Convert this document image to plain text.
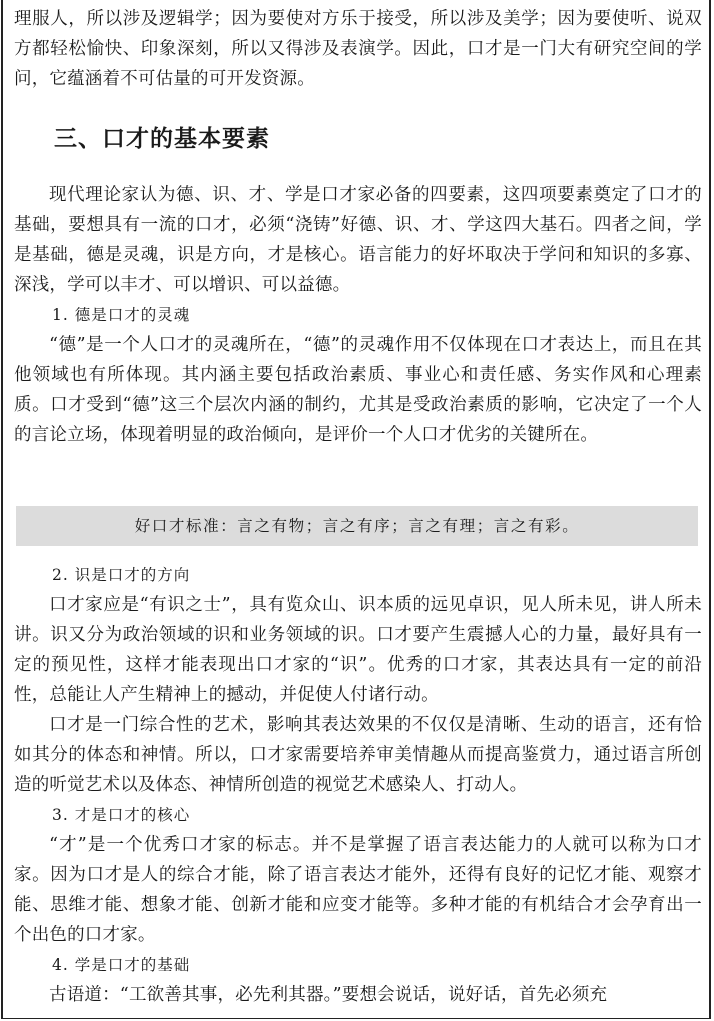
理服人，所以涉及逻辑学；因为要使对方乐于接受，所以涉及美学；因为要使听、说双方都轻松愉快、印象深刻，所以又得涉及表演学。因此，口才是一门大有研究空间的学问，它蕴涵着不可估量的可开发资源。

三、口才的基本要素

现代理论家认为德、识、才、学是口才家必备的四要素，这四项要素奠定了口才的基础，要想具有一流的口才，必须“浇铸”好德、识、才、学这四大基石。四者之间，学是基础，德是灵魂，识是方向，才是核心。语言能力的好坏取决于学问和知识的多寡、深浅，学可以丰才、可以增识、可以益德。

1. 德是口才的灵魂

“德”是一个人口才的灵魂所在，“德”的灵魂作用不仅体现在口才表达上，而且在其他领域也有所体现。其内涵主要包括政治素质、事业心和责任感、务实作风和心理素质。口才受到“德”这三个层次内涵的制约，尤其是受政治素质的影响，它决定了一个人的言论立场，体现着明显的政治倾向，是评价一个人口才优劣的关键所在。

2. 识是口才的方向

口才家应是“有识之士”，具有览众山、识本质的远见卓识，见人所未见，讲人所未讲。识又分为政治领域的识和业务领域的识。口才要产生震撼人心的力量，最好具有一定的预见性，这样才能表现出口才家的“识”。优秀的口才家，其表达具有一定的前沿性，总能让人产生精神上的撼动，并促使人付诸行动。

口才是一门综合性的艺术，影响其表达效果的不仅仅是清晰、生动的语言，还有恰如其分的体态和神情。所以，口才家需要培养审美情趣从而提高鉴赏力，通过语言所创造的听觉艺术以及体态、神情所创造的视觉艺术感染人、打动人。

3. 才是口才的核心

“才”是一个优秀口才家的标志。并不是掌握了语言表达能力的人就可以称为口才家。因为口才是人的综合才能，除了语言表达才能外，还得有良好的记忆才能、观察才能、思维才能、想象才能、创新才能和应变才能等。多种才能的有机结合才会孕育出一个出色的口才家。

4. 学是口才的基础

古语道：“工欲善其事，必先利其器。”要想会说话，说好话，首先必须充

好口才标准：言之有物；言之有序；言之有理；言之有彩。
